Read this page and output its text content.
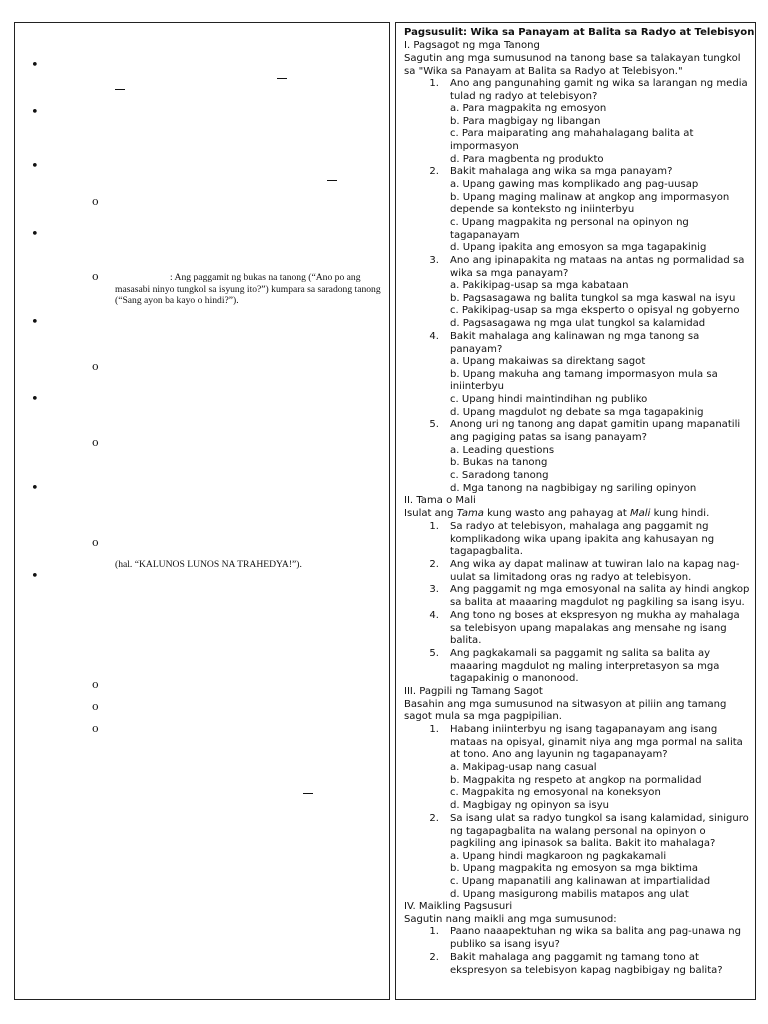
•
•
•
o
•
o	: Ang paggamit ng bukas na tanong (“Ano po ang masasabi ninyo tungkol sa isyung ito?”) kumpara sa saradong tanong (“Sang ayon ba kayo o hindi?”).
•
o
•
o
•
o
(hal. “KALUNOS LUNOS NA TRAHEDYA!”).
•
o
o
o
Pagsusulit: Wika sa Panayam at Balita sa Radyo at Telebisyon
I. Pagsagot ng mga Tanong
Sagutin ang mga sumusunod na tanong base sa talakayan tungkol
sa "Wika sa Panayam at Balita sa Radyo at Telebisyon."
1. Ano ang pangunahing gamit ng wika sa larangan ng media
tulad ng radyo at telebisyon?
a. Para magpakita ng emosyon
b. Para magbigay ng libangan
c. Para maiparating ang mahahalagang balita at
impormasyon
d. Para magbenta ng produkto
2. Bakit mahalaga ang wika sa mga panayam?
a. Upang gawing mas komplikado ang pag-uusap
b. Upang maging malinaw at angkop ang impormasyon
depende sa konteksto ng iniinterbyu
c. Upang magpakita ng personal na opinyon ng
tagapanayam
d. Upang ipakita ang emosyon sa mga tagapakinig
3. Ano ang ipinapakita ng mataas na antas ng pormalidad sa
wika sa mga panayam?
a. Pakikipag-usap sa mga kabataan
b. Pagsasagawa ng balita tungkol sa mga kaswal na isyu
c. Pakikipag-usap sa mga eksperto o opisyal ng gobyerno
d. Pagsasagawa ng mga ulat tungkol sa kalamidad
4. Bakit mahalaga ang kalinawan ng mga tanong sa
panayam?
a. Upang makaiwas sa direktang sagot
b. Upang makuha ang tamang impormasyon mula sa
iniinterbyu
c. Upang hindi maintindihan ng publiko
d. Upang magdulot ng debate sa mga tagapakinig
5. Anong uri ng tanong ang dapat gamitin upang mapanatili
ang pagiging patas sa isang panayam?
a. Leading questions
b. Bukas na tanong
c. Saradong tanong
d. Mga tanong na nagbibigay ng sariling opinyon
II. Tama o Mali
Isulat ang Tama kung wasto ang pahayag at Mali kung hindi.
1. Sa radyo at telebisyon, mahalaga ang paggamit ng
komplikadong wika upang ipakita ang kahusayan ng
tagapagbalita.
2. Ang wika ay dapat malinaw at tuwiran lalo na kapag nag-
uulat sa limitadong oras ng radyo at telebisyon.
3. Ang paggamit ng mga emosyonal na salita ay hindi angkop
sa balita at maaaring magdulot ng pagkiling sa isang isyu.
4. Ang tono ng boses at ekspresyon ng mukha ay mahalaga
sa telebisyon upang mapalakas ang mensahe ng isang
balita.
5. Ang pagkakamali sa paggamit ng salita sa balita ay
maaaring magdulot ng maling interpretasyon sa mga
tagapakinig o manonood.
III. Pagpili ng Tamang Sagot
Basahin ang mga sumusunod na sitwasyon at piliin ang tamang
sagot mula sa mga pagpipilian.
1. Habang iniinterbyu ng isang tagapanayam ang isang
mataas na opisyal, ginamit niya ang mga pormal na salita
at tono. Ano ang layunin ng tagapanayam?
a. Makipag-usap nang casual
b. Magpakita ng respeto at angkop na pormalidad
c. Magpakita ng emosyonal na koneksyon
d. Magbigay ng opinyon sa isyu
2. Sa isang ulat sa radyo tungkol sa isang kalamidad, siniguro
ng tagapagbalita na walang personal na opinyon o
pagkiling ang ipinasok sa balita. Bakit ito mahalaga?
a. Upang hindi magkaroon ng pagkakamali
b. Upang magpakita ng emosyon sa mga biktima
c. Upang mapanatili ang kalinawan at impartialidad
d. Upang masigurong mabilis matapos ang ulat
IV. Maikling Pagsusuri
Sagutin nang maikli ang mga sumusunod:
1. Paano naaapektuhan ng wika sa balita ang pag-unawa ng
publiko sa isang isyu?
2. Bakit mahalaga ang paggamit ng tamang tono at
ekspresyon sa telebisyon kapag nagbibigay ng balita?
